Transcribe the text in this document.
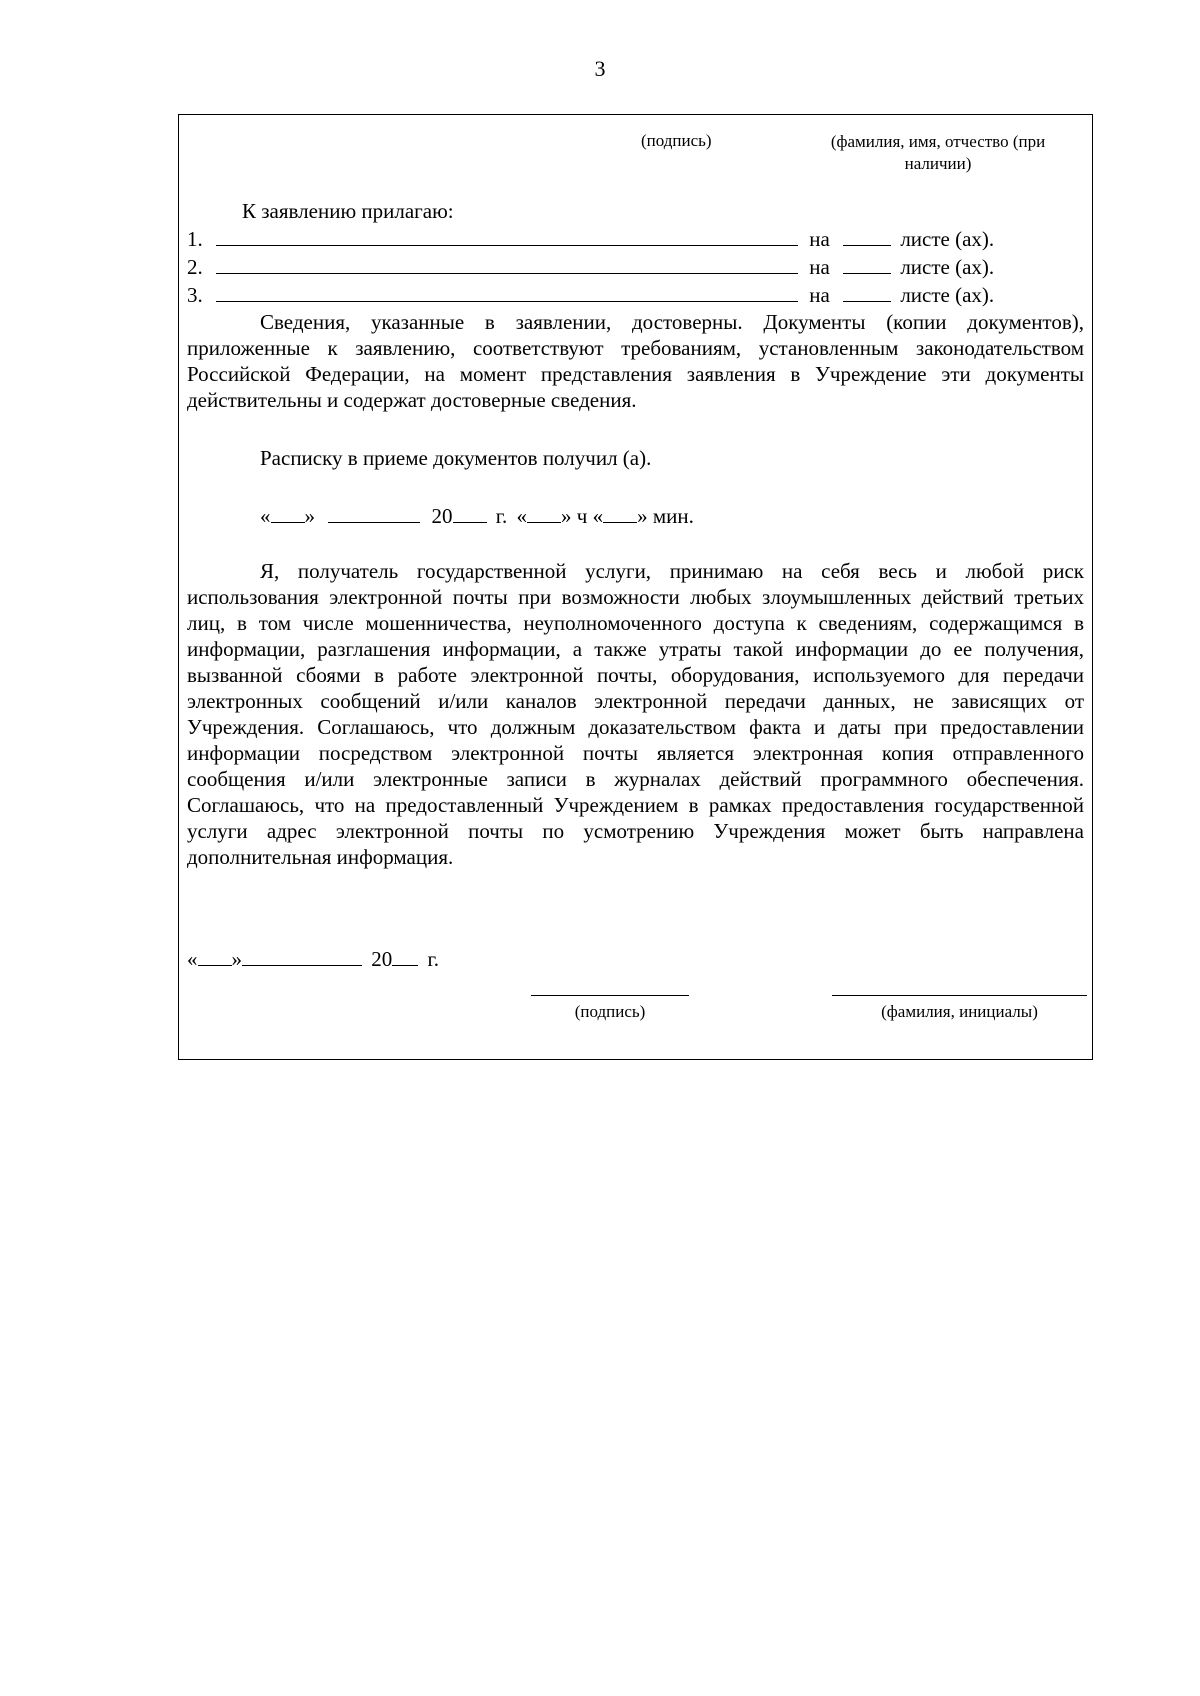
3
(подпись)	(фамилия, имя, отчество (при наличии)
К заявлению прилагаю:
1.	на	листе (ах).
2.	на	листе (ах).
3.	на	листе (ах).
Сведения, указанные в заявлении, достоверны. Документы (копии документов), приложенные к заявлению, соответствуют требованиям, установленным законодательством Российской Федерации, на момент представления заявления в Учреждение эти документы действительны и содержат достоверные сведения.
Расписку в приеме документов получил (а).
« »	20 г. « » ч « » мин.
Я, получатель государственной услуги, принимаю на себя весь и любой риск использования электронной почты при возможности любых злоумышленных действий третьих лиц, в том числе мошенничества, неуполномоченного доступа к сведениям, содержащимся в информации, разглашения информации, а также утраты такой информации до ее получения, вызванной сбоями в работе электронной почты, оборудования, используемого для передачи электронных сообщений и/или каналов электронной передачи данных, не зависящих от Учреждения. Соглашаюсь, что должным доказательством факта и даты при предоставлении информации посредством электронной почты является электронная копия отправленного сообщения и/или электронные записи в журналах действий программного обеспечения. Соглашаюсь, что на предоставленный Учреждением в рамках предоставления государственной услуги адрес электронной почты по усмотрению Учреждения может быть направлена дополнительная информация.
« »	20 г.
(подпись)	(фамилия, инициалы)
